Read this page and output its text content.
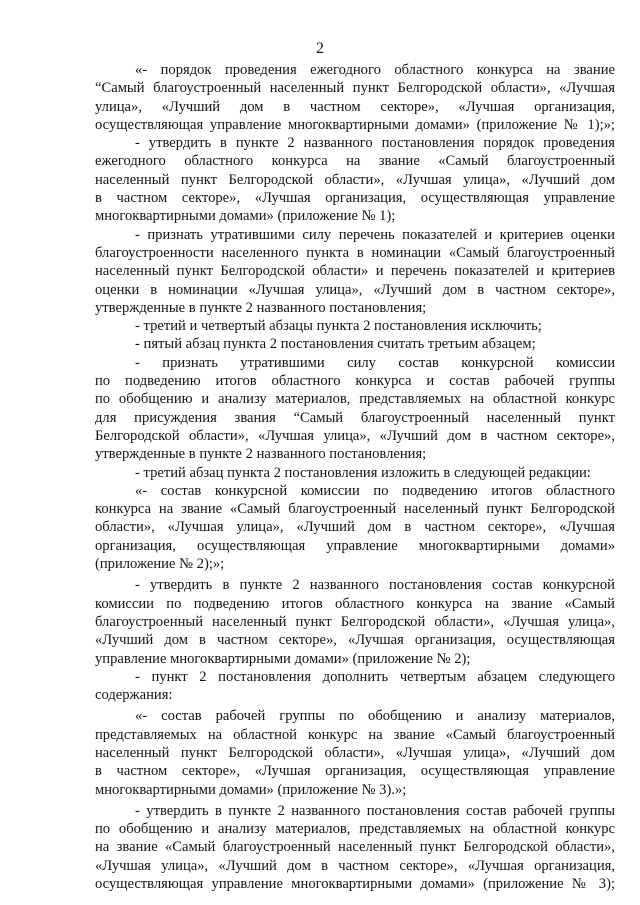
2
«- порядок проведения ежегодного областного конкурса на звание
“Самый благоустроенный населенный пункт Белгородской области», «Лучшая
улица», «Лучший дом в частном секторе», «Лучшая организация,
осуществляющая управление многоквартирными домами» (приложение № 1);»;
- утвердить в пункте 2 названного постановления порядок проведения
ежегодного областного конкурса на звание «Самый благоустроенный
населенный пункт Белгородской области», «Лучшая улица», «Лучший дом
в частном секторе», «Лучшая организация, осуществляющая управление
многоквартирными домами» (приложение № 1);
- признать утратившими силу перечень показателей и критериев оценки
благоустроенности населенного пункта в номинации «Самый благоустроенный
населенный пункт Белгородской области» и перечень показателей и критериев
оценки в номинации «Лучшая улица», «Лучший дом в частном секторе»,
утвержденные в пункте 2 названного постановления;
- третий и четвертый абзацы пункта 2 постановления исключить;
- пятый абзац пункта 2 постановления считать третьим абзацем;
- признать утратившими силу состав конкурсной комиссии
по подведению итогов областного конкурса и состав рабочей группы
по обобщению и анализу материалов, представляемых на областной конкурс
для присуждения звания “Самый благоустроенный населенный пункт
Белгородской области», «Лучшая улица», «Лучший дом в частном секторе»,
утвержденные в пункте 2 названного постановления;
- третий абзац пункта 2 постановления изложить в следующей редакции:
«- состав конкурсной комиссии по подведению итогов областного
конкурса на звание «Самый благоустроенный населенный пункт Белгородской
области», «Лучшая улица», «Лучший дом в частном секторе», «Лучшая
организация, осуществляющая управление многоквартирными домами»
(приложение № 2);»;
- утвердить в пункте 2 названного постановления состав конкурсной
комиссии по подведению итогов областного конкурса на звание «Самый
благоустроенный населенный пункт Белгородской области», «Лучшая улица»,
«Лучший дом в частном секторе», «Лучшая организация, осуществляющая
управление многоквартирными домами» (приложение № 2);
- пункт 2 постановления дополнить четвертым абзацем следующего
содержания:
«- состав рабочей группы по обобщению и анализу материалов,
представляемых на областной конкурс на звание «Самый благоустроенный
населенный пункт Белгородской области», «Лучшая улица», «Лучший дом
в частном секторе», «Лучшая организация, осуществляющая управление
многоквартирными домами» (приложение № 3).»;
- утвердить в пункте 2 названного постановления состав рабочей группы
по обобщению и анализу материалов, представляемых на областной конкурс
на звание «Самый благоустроенный населенный пункт Белгородской области»,
«Лучшая улица», «Лучший дом в частном секторе», «Лучшая организация,
осуществляющая управление многоквартирными домами» (приложение № 3);
